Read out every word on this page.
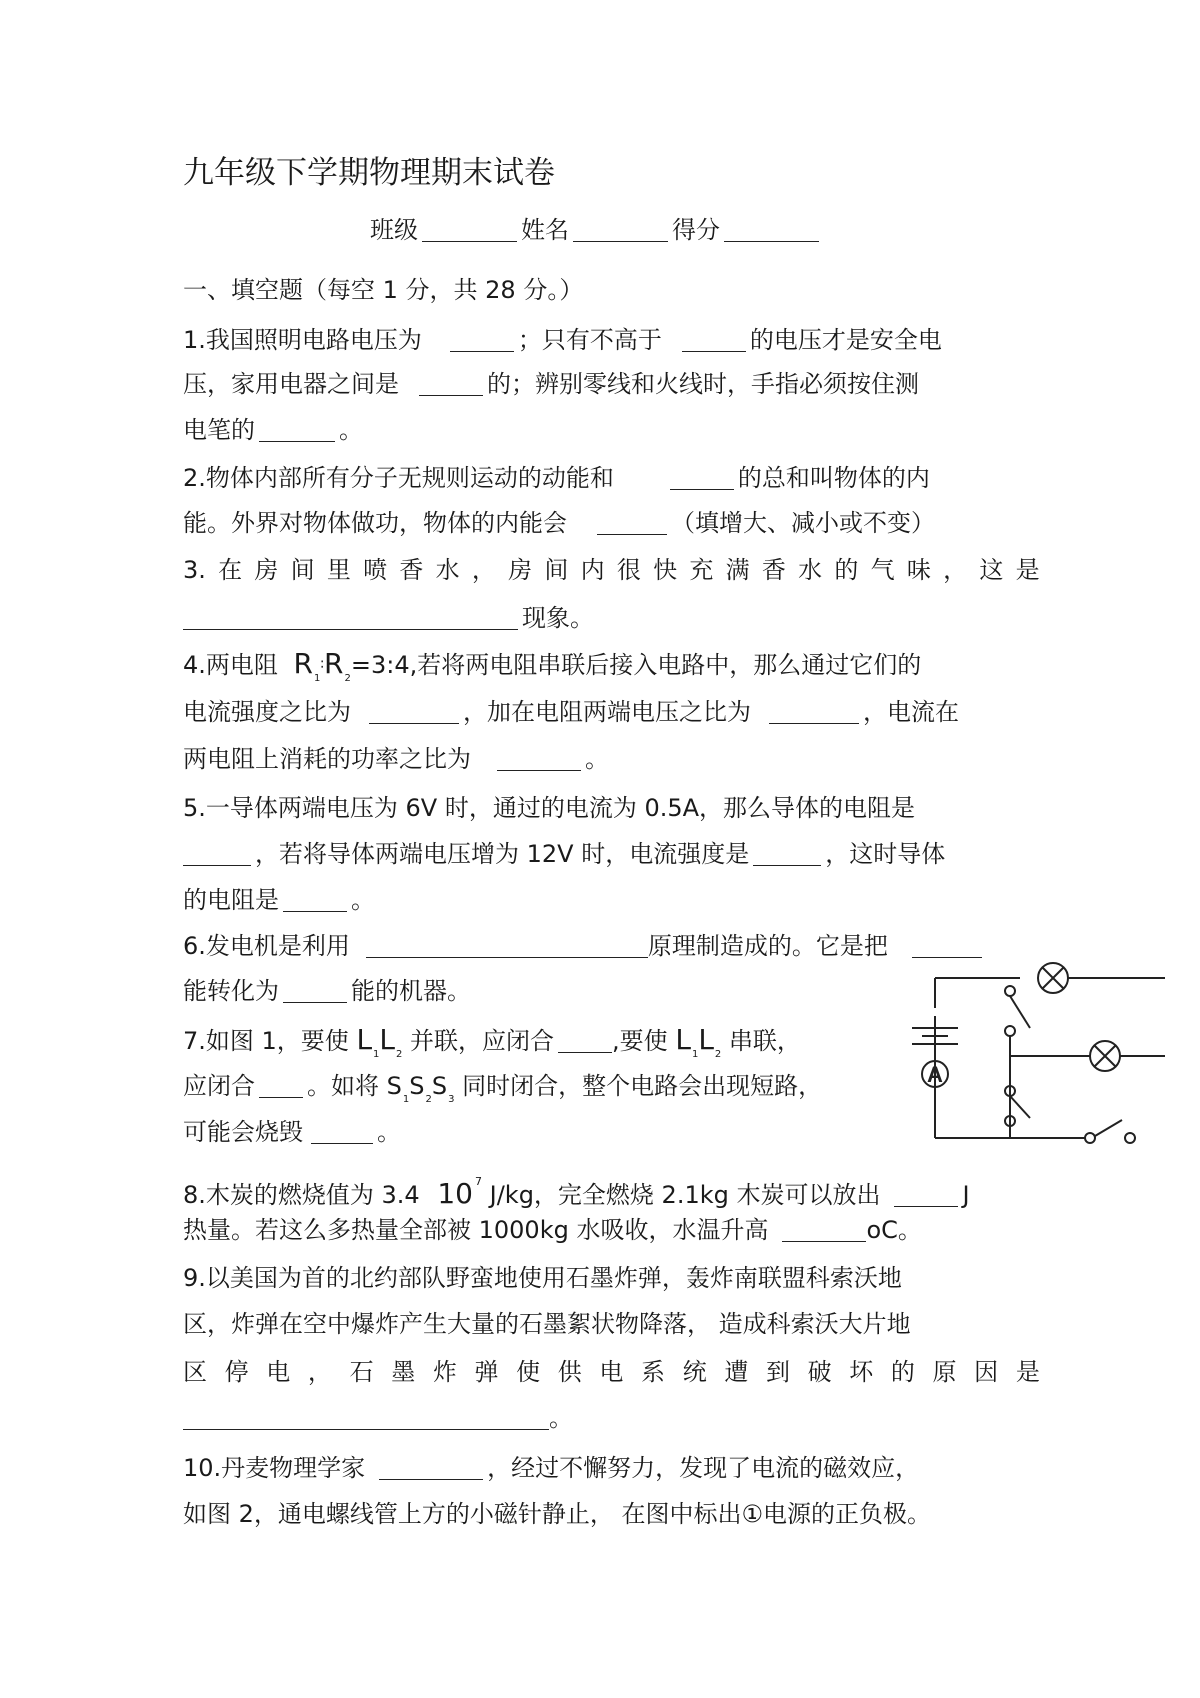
九年级下学期物理期末试卷
班级	姓名	得分
一、填空题（每空 1 分，共 28 分。）
1.我国照明电路电压为	；只有不高于	的电压才是安全电
压，家用电器之间是	的；辨别零线和火线时，手指必须按住测
电笔的	。
2.物体内部所有分子无规则运动的动能和	的总和叫物体的内
能。外界对物体做功，物体的内能会	（填增大、减小或不变）
3. 在 房 间 里 喷 香 水 ， 房 间 内 很 快 充 满 香 水 的 气 味 ， 这 是
现象。
4.两电阻 $R_1∶R_2=3:4$,若将两电阻串联后接入电路中，那么通过它们的
电流强度之比为	，加在电阻两端电压之比为	，电流在
两电阻上消耗的功率之比为	。
5.一导体两端电压为 6V 时，通过的电流为 0.5A，那么导体的电阻是
，若将导体两端电压增为 12V 时，电流强度是	，这时导体
的电阻是	。
6.发电机是利用	原理制造成的。它是把
能转化为	能的机器。
7.如图 1，要使 $L_1L_2$ 并联，应闭合 ,要使 $L_1L_2$ 串联，
应闭合 。如将 $S_1S_2S_3$ 同时闭合，整个电路会出现短路，
可能会烧毁	。
A
8.木炭的燃烧值为 3.4 10 $^7$ J/kg，完全燃烧 2.1kg 木炭可以放出	J
热量。若这么多热量全部被 1000kg 水吸收，水温升高	oC。
9.以美国为首的北约部队野蛮地使用石墨炸弹，轰炸南联盟科索沃地
区，炸弹在空中爆炸产生大量的石墨絮状物降落， 造成科索沃大片地
区 停 电 ， 石 墨 炸 弹 使 供 电 系 统 遭 到 破 坏 的 原 因 是
。
10.丹麦物理学家	，经过不懈努力，发现了电流的磁效应，
如图 2，通电螺线管上方的小磁针静止， 在图中标出①电源的正负极。
